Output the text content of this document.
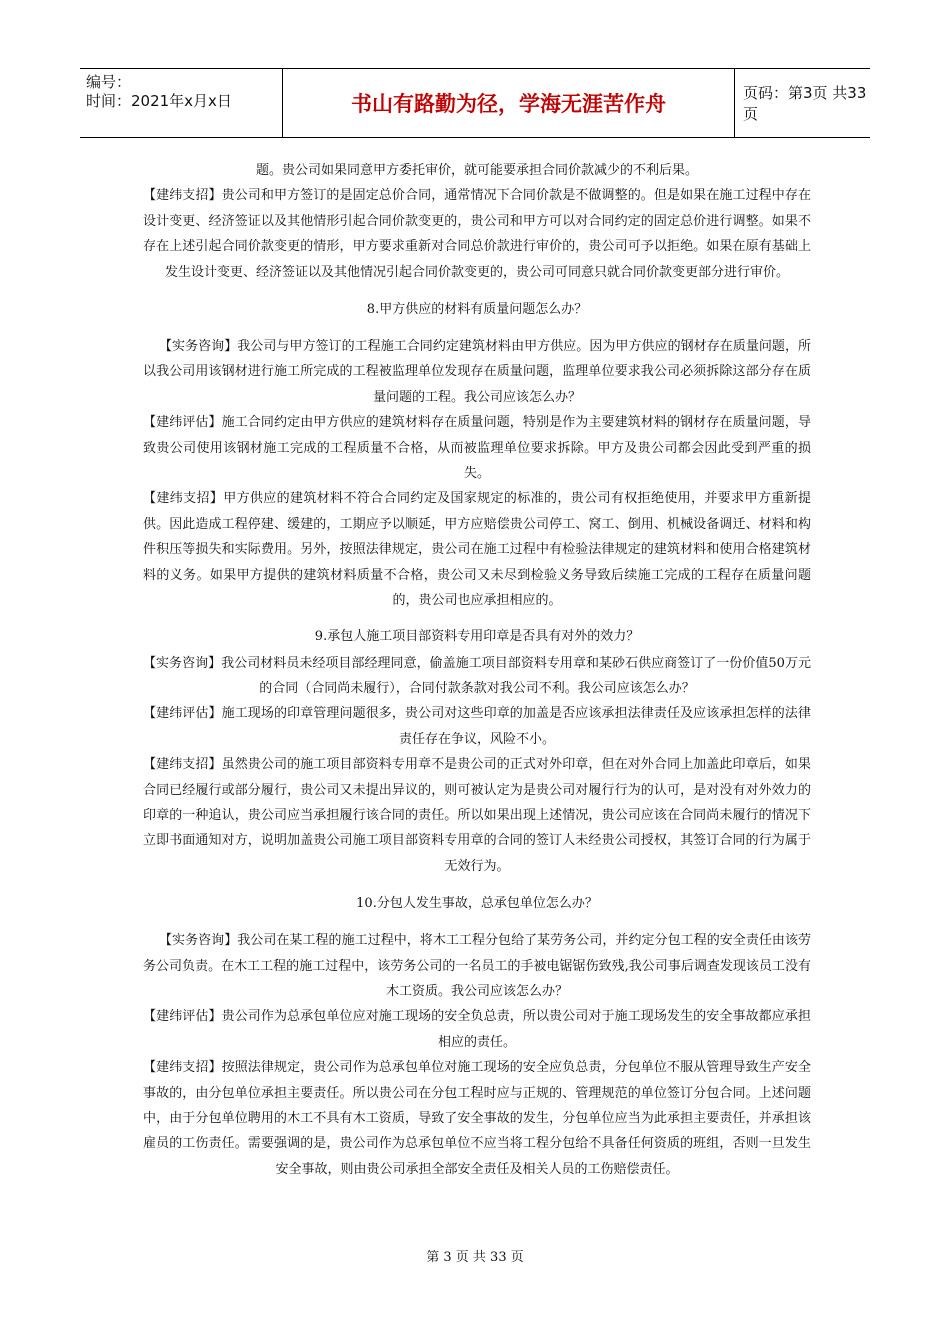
编号：
时间：2021年x月x日	书山有路勤为径，学海无涯苦作舟	页码：第3页 共33页

题。贵公司如果同意甲方委托审价，就可能要承担合同价款减少的不利后果。

【建纬支招】贵公司和甲方签订的是固定总价合同，通常情况下合同价款是不做调整的。但是如果在施工过程中存在设计变更、经济签证以及其他情形引起合同价款变更的，贵公司和甲方可以对合同约定的固定总价进行调整。如果不存在上述引起合同价款变更的情形，甲方要求重新对合同总价款进行审价的，贵公司可予以拒绝。如果在原有基础上发生设计变更、经济签证以及其他情况引起合同价款变更的，贵公司可同意只就合同价款变更部分进行审价。

8.甲方供应的材料有质量问题怎么办？

【实务咨询】我公司与甲方签订的工程施工合同约定建筑材料由甲方供应。因为甲方供应的钢材存在质量问题，所以我公司用该钢材进行施工所完成的工程被监理单位发现存在质量问题，监理单位要求我公司必须拆除这部分存在质量问题的工程。我公司应该怎么办？

【建纬评估】施工合同约定由甲方供应的建筑材料存在质量问题，特别是作为主要建筑材料的钢材存在质量问题，导致贵公司使用该钢材施工完成的工程质量不合格，从而被监理单位要求拆除。甲方及贵公司都会因此受到严重的损失。

【建纬支招】甲方供应的建筑材料不符合合同约定及国家规定的标准的，贵公司有权拒绝使用，并要求甲方重新提供。因此造成工程停建、缓建的，工期应予以顺延，甲方应赔偿贵公司停工、窝工、倒用、机械设备调迁、材料和构件积压等损失和实际费用。另外，按照法律规定，贵公司在施工过程中有检验法律规定的建筑材料和使用合格建筑材料的义务。如果甲方提供的建筑材料质量不合格，贵公司又未尽到检验义务导致后续施工完成的工程存在质量问题的，贵公司也应承担相应的。

9.承包人施工项目部资料专用印章是否具有对外的效力？

【实务咨询】我公司材料员未经项目部经理同意，偷盖施工项目部资料专用章和某砂石供应商签订了一份价值50万元的合同（合同尚未履行），合同付款条款对我公司不利。我公司应该怎么办？

【建纬评估】施工现场的印章管理问题很多，贵公司对这些印章的加盖是否应该承担法律责任及应该承担怎样的法律责任存在争议，风险不小。

【建纬支招】虽然贵公司的施工项目部资料专用章不是贵公司的正式对外印章，但在对外合同上加盖此印章后，如果合同已经履行或部分履行，贵公司又未提出异议的，则可被认定为是贵公司对履行行为的认可，是对没有对外效力的印章的一种追认，贵公司应当承担履行该合同的责任。所以如果出现上述情况，贵公司应该在合同尚未履行的情况下立即书面通知对方，说明加盖贵公司施工项目部资料专用章的合同的签订人未经贵公司授权，其签订合同的行为属于无效行为。

10.分包人发生事故，总承包单位怎么办？

【实务咨询】我公司在某工程的施工过程中，将木工工程分包给了某劳务公司，并约定分包工程的安全责任由该劳务公司负责。在木工工程的施工过程中，该劳务公司的一名员工的手被电锯锯伤致残,我公司事后调查发现该员工没有木工资质。我公司应该怎么办？

【建纬评估】贵公司作为总承包单位应对施工现场的安全负总责，所以贵公司对于施工现场发生的安全事故都应承担相应的责任。

【建纬支招】按照法律规定，贵公司作为总承包单位对施工现场的安全应负总责，分包单位不服从管理导致生产安全事故的，由分包单位承担主要责任。所以贵公司在分包工程时应与正规的、管理规范的单位签订分包合同。上述问题中，由于分包单位聘用的木工不具有木工资质，导致了安全事故的发生，分包单位应当为此承担主要责任，并承担该雇员的工伤责任。需要强调的是，贵公司作为总承包单位不应当将工程分包给不具备任何资质的班组，否则一旦发生安全事故，则由贵公司承担全部安全责任及相关人员的工伤赔偿责任。

第 3 页 共 33 页
